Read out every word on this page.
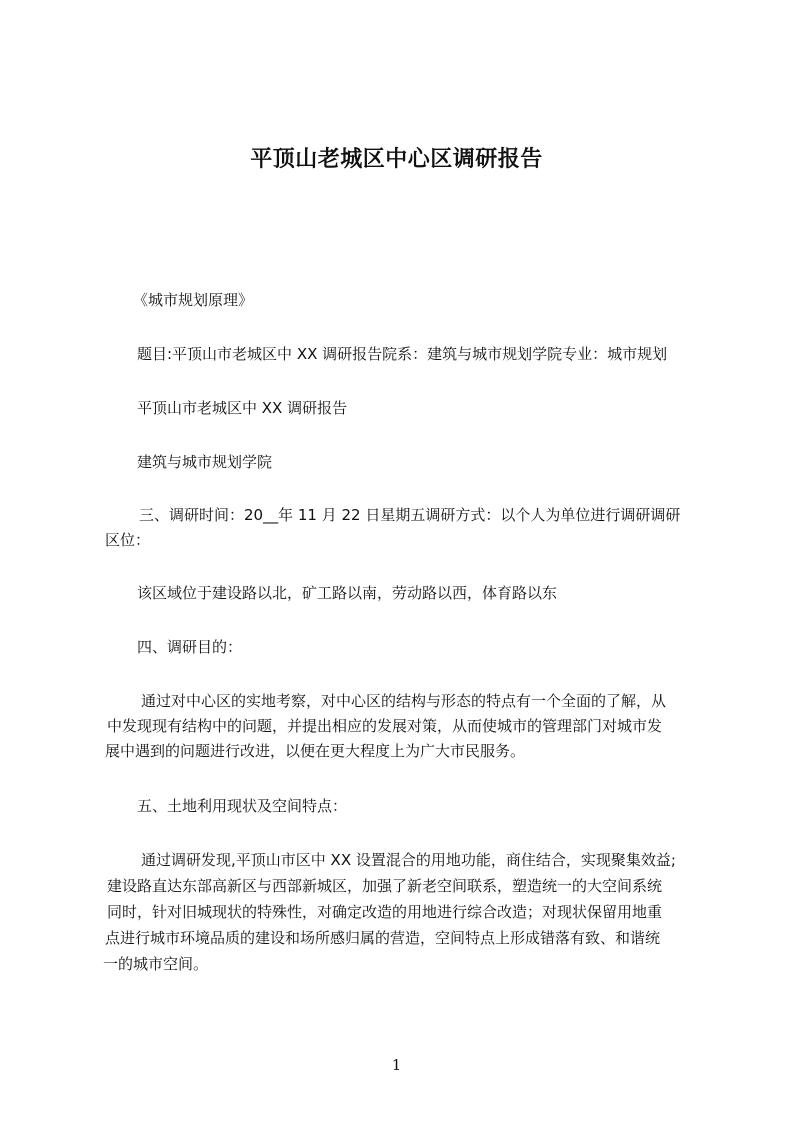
平顶山老城区中心区调研报告
《城市规划原理》
题目:平顶山市老城区中 XX 调研报告院系：建筑与城市规划学院专业：城市规划
平顶山市老城区中 XX 调研报告
建筑与城市规划学院
三、调研时间：20__年 11 月 22 日星期五调研方式：以个人为单位进行调研调研
区位：
该区域位于建设路以北，矿工路以南，劳动路以西，体育路以东
四、调研目的：
通过对中心区的实地考察，对中心区的结构与形态的特点有一个全面的了解，从
中发现现有结构中的问题，并提出相应的发展对策，从而使城市的管理部门对城市发
展中遇到的问题进行改进，以便在更大程度上为广大市民服务。
五、土地利用现状及空间特点：
通过调研发现,平顶山市区中 XX 设置混合的用地功能，商住结合，实现聚集效益;
建设路直达东部高新区与西部新城区，加强了新老空间联系，塑造统一的大空间系统
同时，针对旧城现状的特殊性，对确定改造的用地进行综合改造；对现状保留用地重
点进行城市环境品质的建设和场所感归属的营造，空间特点上形成错落有致、和谐统
一的城市空间。
1
